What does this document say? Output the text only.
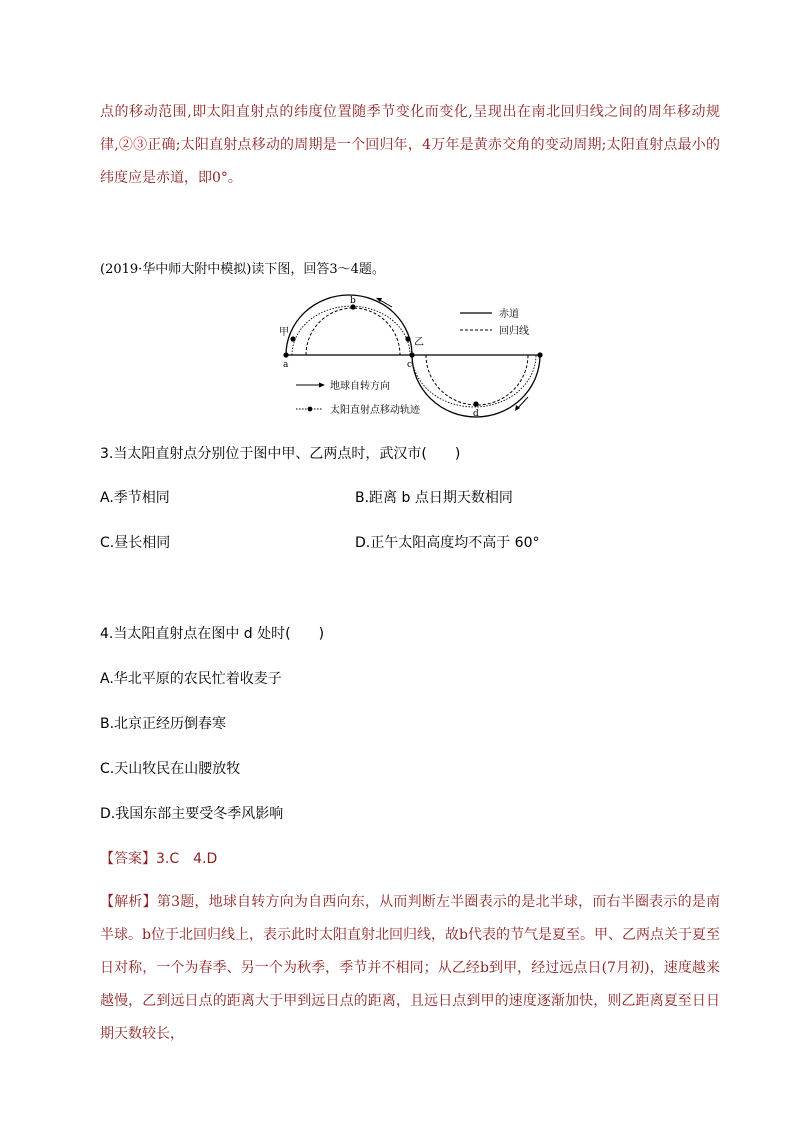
点的移动范围,即太阳直射点的纬度位置随季节变化而变化,呈现出在南北回归线之间的周年移动规律,②③正确;太阳直射点移动的周期是一个回归年，4万年是黄赤交角的变动周期;太阳直射点最小的纬度应是赤道，即0°。
(2019·华中师大附中模拟)读下图，回答3～4题。
甲
a
b
乙
c
d
赤道
回归线
地球自转方向
太阳直射点移动轨迹
3.当太阳直射点分别位于图中甲、乙两点时，武汉市(　　)
A.季节相同	B.距离 b 点日期天数相同
C.昼长相同	D.正午太阳高度均不高于 60°
4.当太阳直射点在图中 d 处时(　　)
A.华北平原的农民忙着收麦子
B.北京正经历倒春寒
C.天山牧民在山腰放牧
D.我国东部主要受冬季风影响
【答案】3.C　4.D
【解析】第3题，地球自转方向为自西向东，从而判断左半圈表示的是北半球，而右半圈表示的是南半球。b位于北回归线上，表示此时太阳直射北回归线，故b代表的节气是夏至。甲、乙两点关于夏至日对称，一个为春季、另一个为秋季，季节并不相同；从乙经b到甲，经过远点日(7月初)，速度越来越慢，乙到远日点的距离大于甲到远日点的距离，且远日点到甲的速度逐渐加快，则乙距离夏至日日期天数较长，
